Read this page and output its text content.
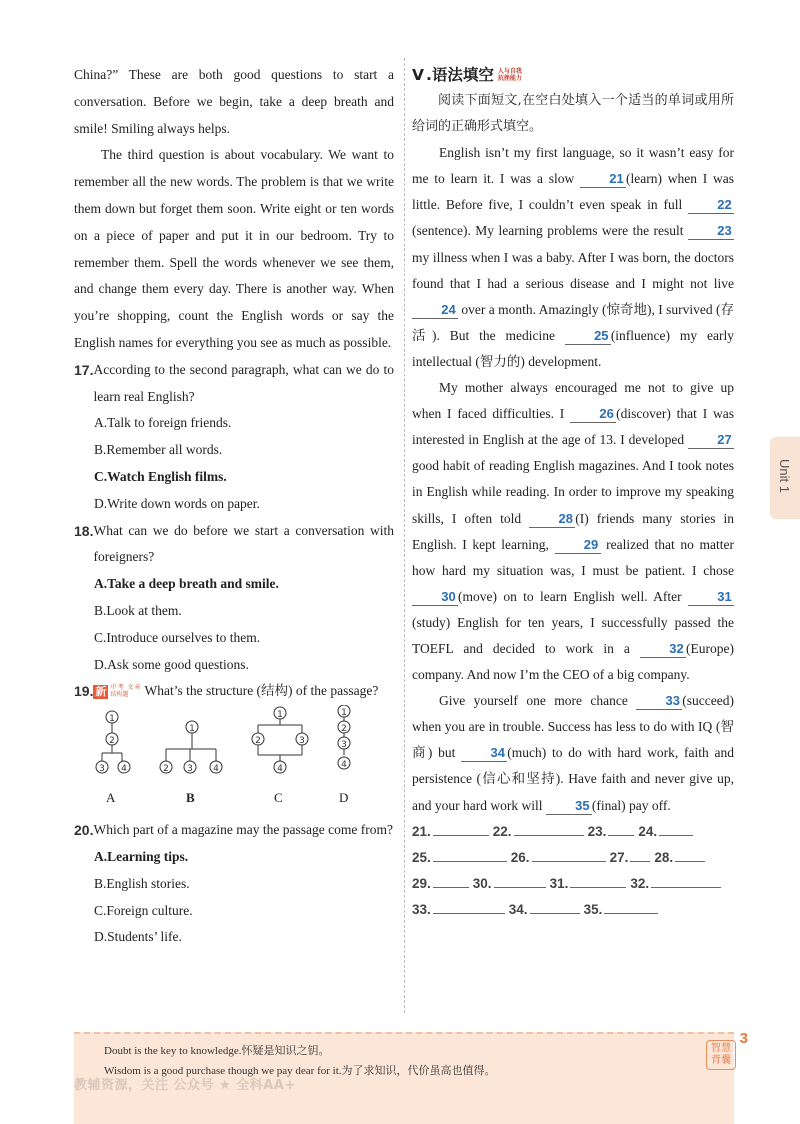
China?” These are both good questions to start a conversation. Before we begin, take a deep breath and smile! Smiling always helps.

The third question is about vocabulary. We want to remember all the new words. The problem is that we write them down but forget them soon. Write eight or ten words on a piece of paper and put it in our bedroom. Try to remember them. Spell the words whenever we see them, and change them every day. There is another way. When you’re shopping, count the English words or say the English names for everything you see as much as possible.

17. According to the second paragraph, what can we do to learn real English?
A.Talk to foreign friends.
B.Remember all words.
C.Watch English films.
D.Write down words on paper.
18. What can we do before we start a conversation with foreigners?
A.Take a deep breath and smile.
B.Look at them.
C.Introduce ourselves to them.
D.Ask some good questions.
19. 新 中考 文章结构题 What’s the structure (结构) of the passage?
1
2
3 4
1
2 3 4
1
2	3
4
1
2
3
4
A	B	C	D
20. Which part of a magazine may the passage come from?
A.Learning tips.
B.English stories.
C.Foreign culture.
D.Students’ life.
V .语法填空 人与自我 抗挫能力

阅读下面短文,在空白处填入一个适当的单词或用所给词的正确形式填空。

English isn’t my first language, so it wasn’t easy for me to learn it. I was a slow 21 (learn) when I was little. Before five, I couldn’t even speak in full 22(sentence). My learning problems were the result 23 my illness when I was a baby. After I was born, the doctors found that I had a serious disease and I might not live 24 over a month. Amazingly (惊奇地), I survived (存活). But the medicine 25 (influence) my early intellectual (智力的) development.

My mother always encouraged me not to give up when I faced difficulties. I 26 (discover) that I was interested in English at the age of 13. I developed 27 good habit of reading English magazines. And I took notes in English while reading. In order to improve my speaking skills, I often told 28 (I) friends many stories in English. I kept learning, 29 realized that no matter how hard my situation was, I must be patient. I chose 30 (move) on to learn English well. After 31(study) English for ten years, I successfully passed the TOEFL and decided to work in a 32 (Europe) company. And now I’m the CEO of a big company.

Give yourself one more chance 33 (succeed) when you are in trouble. Success has less to do with IQ (智商) but 34 (much) to do with hard work, faith and persistence (信心和坚持). Have faith and never give up, and your hard work will 35 (final) pay off.

21.	22.	23. 24.
25.	26.	27. 28.
29.	30.	31.	32.
33.	34.	35.
Unit 1
Doubt is the key to knowledge.怀疑是知识之钥。
Wisdom is a good purchase though we pay dear for it.为了求知识，代价虽高也值得。
教辅资源，关注 公众号 ★ 全科AA+
智慧背囊
3
